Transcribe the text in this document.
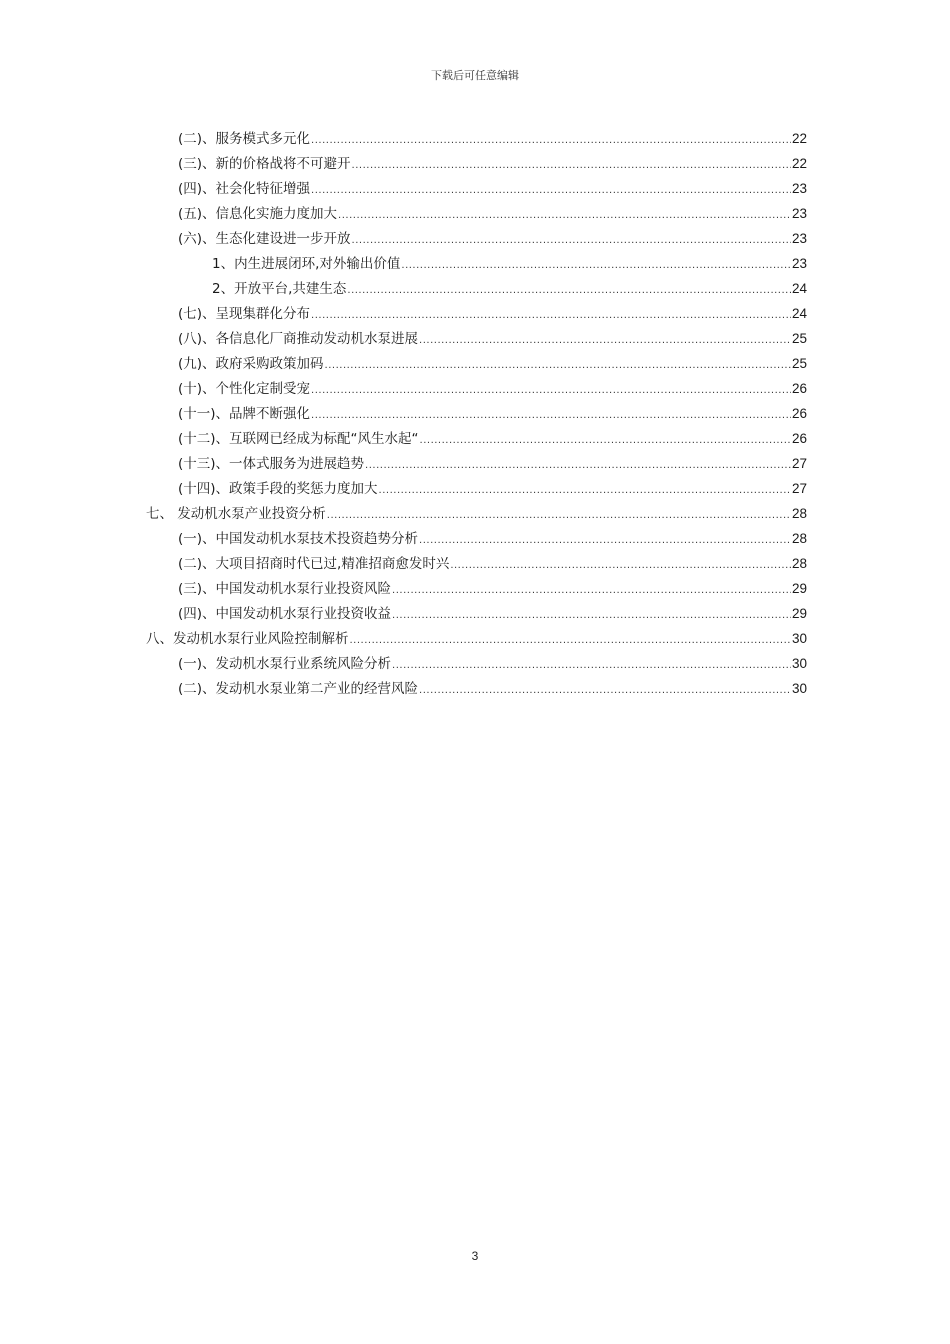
下载后可任意编辑
(二)、服务模式多元化 .....	22
(三)、新的价格战将不可避开 .....	22
(四)、社会化特征增强 .....	23
(五)、信息化实施力度加大 .....	23
(六)、生态化建设进一步开放 .....	23
1、内生进展闭环,对外输出价值 .....	23
2、开放平台,共建生态 .....	24
(七)、呈现集群化分布 .....	24
(八)、各信息化厂商推动发动机水泵进展 .....	25
(九)、政府采购政策加码 .....	25
(十)、个性化定制受宠 .....	26
(十一)、品牌不断强化 .....	26
(十二)、互联网已经成为标配“风生水起“ .....	26
(十三)、一体式服务为进展趋势 .....	27
(十四)、政策手段的奖惩力度加大 .....	27
七、 发动机水泵产业投资分析 .....	28
(一)、中国发动机水泵技术投资趋势分析 .....	28
(二)、大项目招商时代已过,精准招商愈发时兴 .....	28
(三)、中国发动机水泵行业投资风险 .....	29
(四)、中国发动机水泵行业投资收益 .....	29
八、发动机水泵行业风险控制解析 .....	30
(一)、发动机水泵行业系统风险分析 .....	30
(二)、发动机水泵业第二产业的经营风险 .....	30
3
